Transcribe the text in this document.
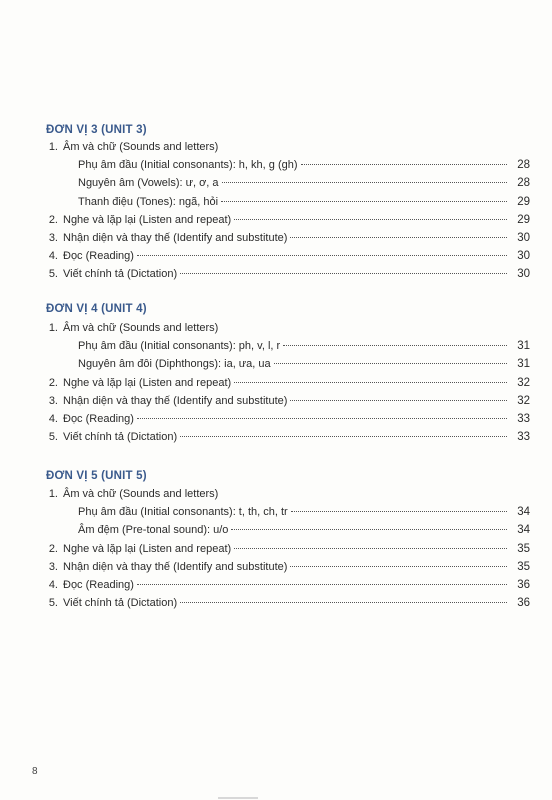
ĐƠN VỊ 3 (UNIT 3)
1. Âm và chữ (Sounds and letters)
Phụ âm đầu (Initial consonants): h, kh, g (gh)	28
Nguyên âm (Vowels): ư, ơ, a	28
Thanh điệu (Tones): ngã, hỏi	29
2. Nghe và lặp lại (Listen and repeat)	29
3. Nhận diện và thay thế (Identify and substitute)	30
4. Đọc (Reading)	30
5. Viết chính tả (Dictation)	30
ĐƠN VỊ 4 (UNIT 4)
1. Âm và chữ (Sounds and letters)
Phụ âm đầu (Initial consonants): ph, v, l, r	31
Nguyên âm đôi (Diphthongs): ia, ưa, ua	31
2. Nghe và lặp lại (Listen and repeat)	32
3. Nhận diện và thay thế (Identify and substitute)	32
4. Đọc (Reading)	33
5. Viết chính tả (Dictation)	33
ĐƠN VỊ 5 (UNIT 5)
1. Âm và chữ (Sounds and letters)
Phụ âm đầu (Initial consonants): t, th, ch, tr	34
Âm đệm (Pre-tonal sound): u/o	34
2. Nghe và lặp lại (Listen and repeat)	35
3. Nhận diện và thay thế (Identify and substitute)	35
4. Đọc (Reading)	36
5. Viết chính tả (Dictation)	36
8
